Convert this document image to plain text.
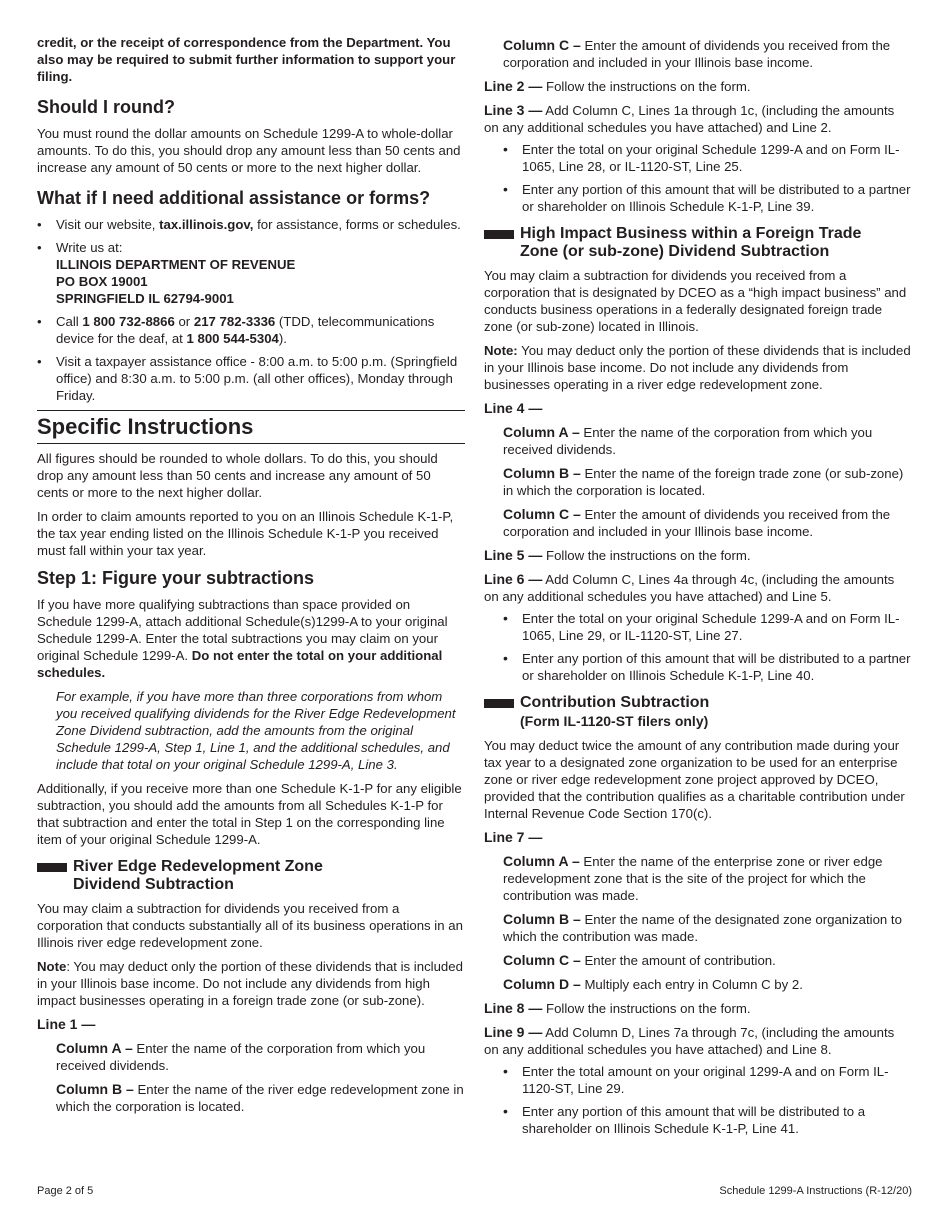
credit, or the receipt of correspondence from the Department. You also may be required to submit further information to support your filing.

Should I round?

You must round the dollar amounts on Schedule 1299-A to whole-dollar amounts. To do this, you should drop any amount less than 50 cents and increase any amount of 50 cents or more to the next higher dollar.

What if I need additional assistance or forms?
• Visit our website, tax.illinois.gov, for assistance, forms or schedules.
• Write us at:
ILLINOIS DEPARTMENT OF REVENUE
PO BOX 19001
SPRINGFIELD IL 62794-9001
• Call 1 800 732-8866 or 217 782-3336 (TDD, telecommunications device for the deaf, at 1 800 544-5304).
• Visit a taxpayer assistance office - 8:00 a.m. to 5:00 p.m. (Springfield office) and 8:30 a.m. to 5:00 p.m. (all other offices), Monday through Friday.
Specific Instructions

All figures should be rounded to whole dollars. To do this, you should drop any amount less than 50 cents and increase any amount of 50 cents or more to the next higher dollar.

In order to claim amounts reported to you on an Illinois Schedule K-1-P, the tax year ending listed on the Illinois Schedule K-1-P you received must fall within your tax year.

Step 1: Figure your subtractions

If you have more qualifying subtractions than space provided on Schedule 1299-A, attach additional Schedule(s)1299-A to your original Schedule 1299-A. Enter the total subtractions you may claim on your original Schedule 1299-A. Do not enter the total on your additional schedules.

For example, if you have more than three corporations from whom you received qualifying dividends for the River Edge Redevelopment Zone Dividend subtraction, add the amounts from the original Schedule 1299-A, Step 1, Line 1, and the additional schedules, and include that total on your original Schedule 1299-A, Line 3.

Additionally, if you receive more than one Schedule K-1-P for any eligible subtraction, you should add the amounts from all Schedules K-1-P for that subtraction and enter the total in Step 1 on the corresponding line item of your original Schedule 1299-A.

River Edge Redevelopment Zone
Dividend Subtraction

You may claim a subtraction for dividends you received from a corporation that conducts substantially all of its business operations in an Illinois river edge redevelopment zone.

Note: You may deduct only the portion of these dividends that is included in your Illinois base income. Do not include any dividends from high impact businesses operating in a foreign trade zone (or sub-zone).

Line 1 —

Column A – Enter the name of the corporation from which you received dividends.

Column B – Enter the name of the river edge redevelopment zone in which the corporation is located.

Column C – Enter the amount of dividends you received from the corporation and included in your Illinois base income.

Line 2 — Follow the instructions on the form.

Line 3 — Add Column C, Lines 1a through 1c, (including the amounts on any additional schedules you have attached) and Line 2.

• Enter the total on your original Schedule 1299-A and on Form IL-1065, Line 28, or IL-1120-ST, Line 25.
• Enter any portion of this amount that will be distributed to a partner or shareholder on Illinois Schedule K-1-P, Line 39.
High Impact Business within a Foreign Trade
Zone (or sub-zone) Dividend Subtraction

You may claim a subtraction for dividends you received from a corporation that is designated by DCEO as a “high impact business” and conducts business operations in a federally designated foreign trade zone (or sub-zone) located in Illinois.

Note: You may deduct only the portion of these dividends that is included in your Illinois base income. Do not include any dividends from businesses operating in a river edge redevelopment zone.

Line 4 —

Column A – Enter the name of the corporation from which you received dividends.

Column B – Enter the name of the foreign trade zone (or sub-zone) in which the corporation is located.

Column C – Enter the amount of dividends you received from the corporation and included in your Illinois base income.

Line 5 — Follow the instructions on the form.

Line 6 — Add Column C, Lines 4a through 4c, (including the amounts on any additional schedules you have attached) and Line 5.

• Enter the total on your original Schedule 1299-A and on Form IL-1065, Line 29, or IL-1120-ST, Line 27.
• Enter any portion of this amount that will be distributed to a partner or shareholder on Illinois Schedule K-1-P, Line 40.
Contribution Subtraction
(Form IL-1120-ST filers only)

You may deduct twice the amount of any contribution made during your tax year to a designated zone organization to be used for an enterprise zone or river edge redevelopment zone project approved by DCEO, provided that the contribution qualifies as a charitable contribution under Internal Revenue Code Section 170(c).

Line 7 —

Column A – Enter the name of the enterprise zone or river edge redevelopment zone that is the site of the project for which the contribution was made.

Column B – Enter the name of the designated zone organization to which the contribution was made.

Column C – Enter the amount of contribution.

Column D – Multiply each entry in Column C by 2.

Line 8 — Follow the instructions on the form.

Line 9 — Add Column D, Lines 7a through 7c, (including the amounts on any additional schedules you have attached) and Line 8.

• Enter the total amount on your original 1299-A and on Form IL-1120-ST, Line 29.
• Enter any portion of this amount that will be distributed to a shareholder on Illinois Schedule K-1-P, Line 41.
Page 2 of 5	Schedule 1299-A Instructions (R-12/20)
